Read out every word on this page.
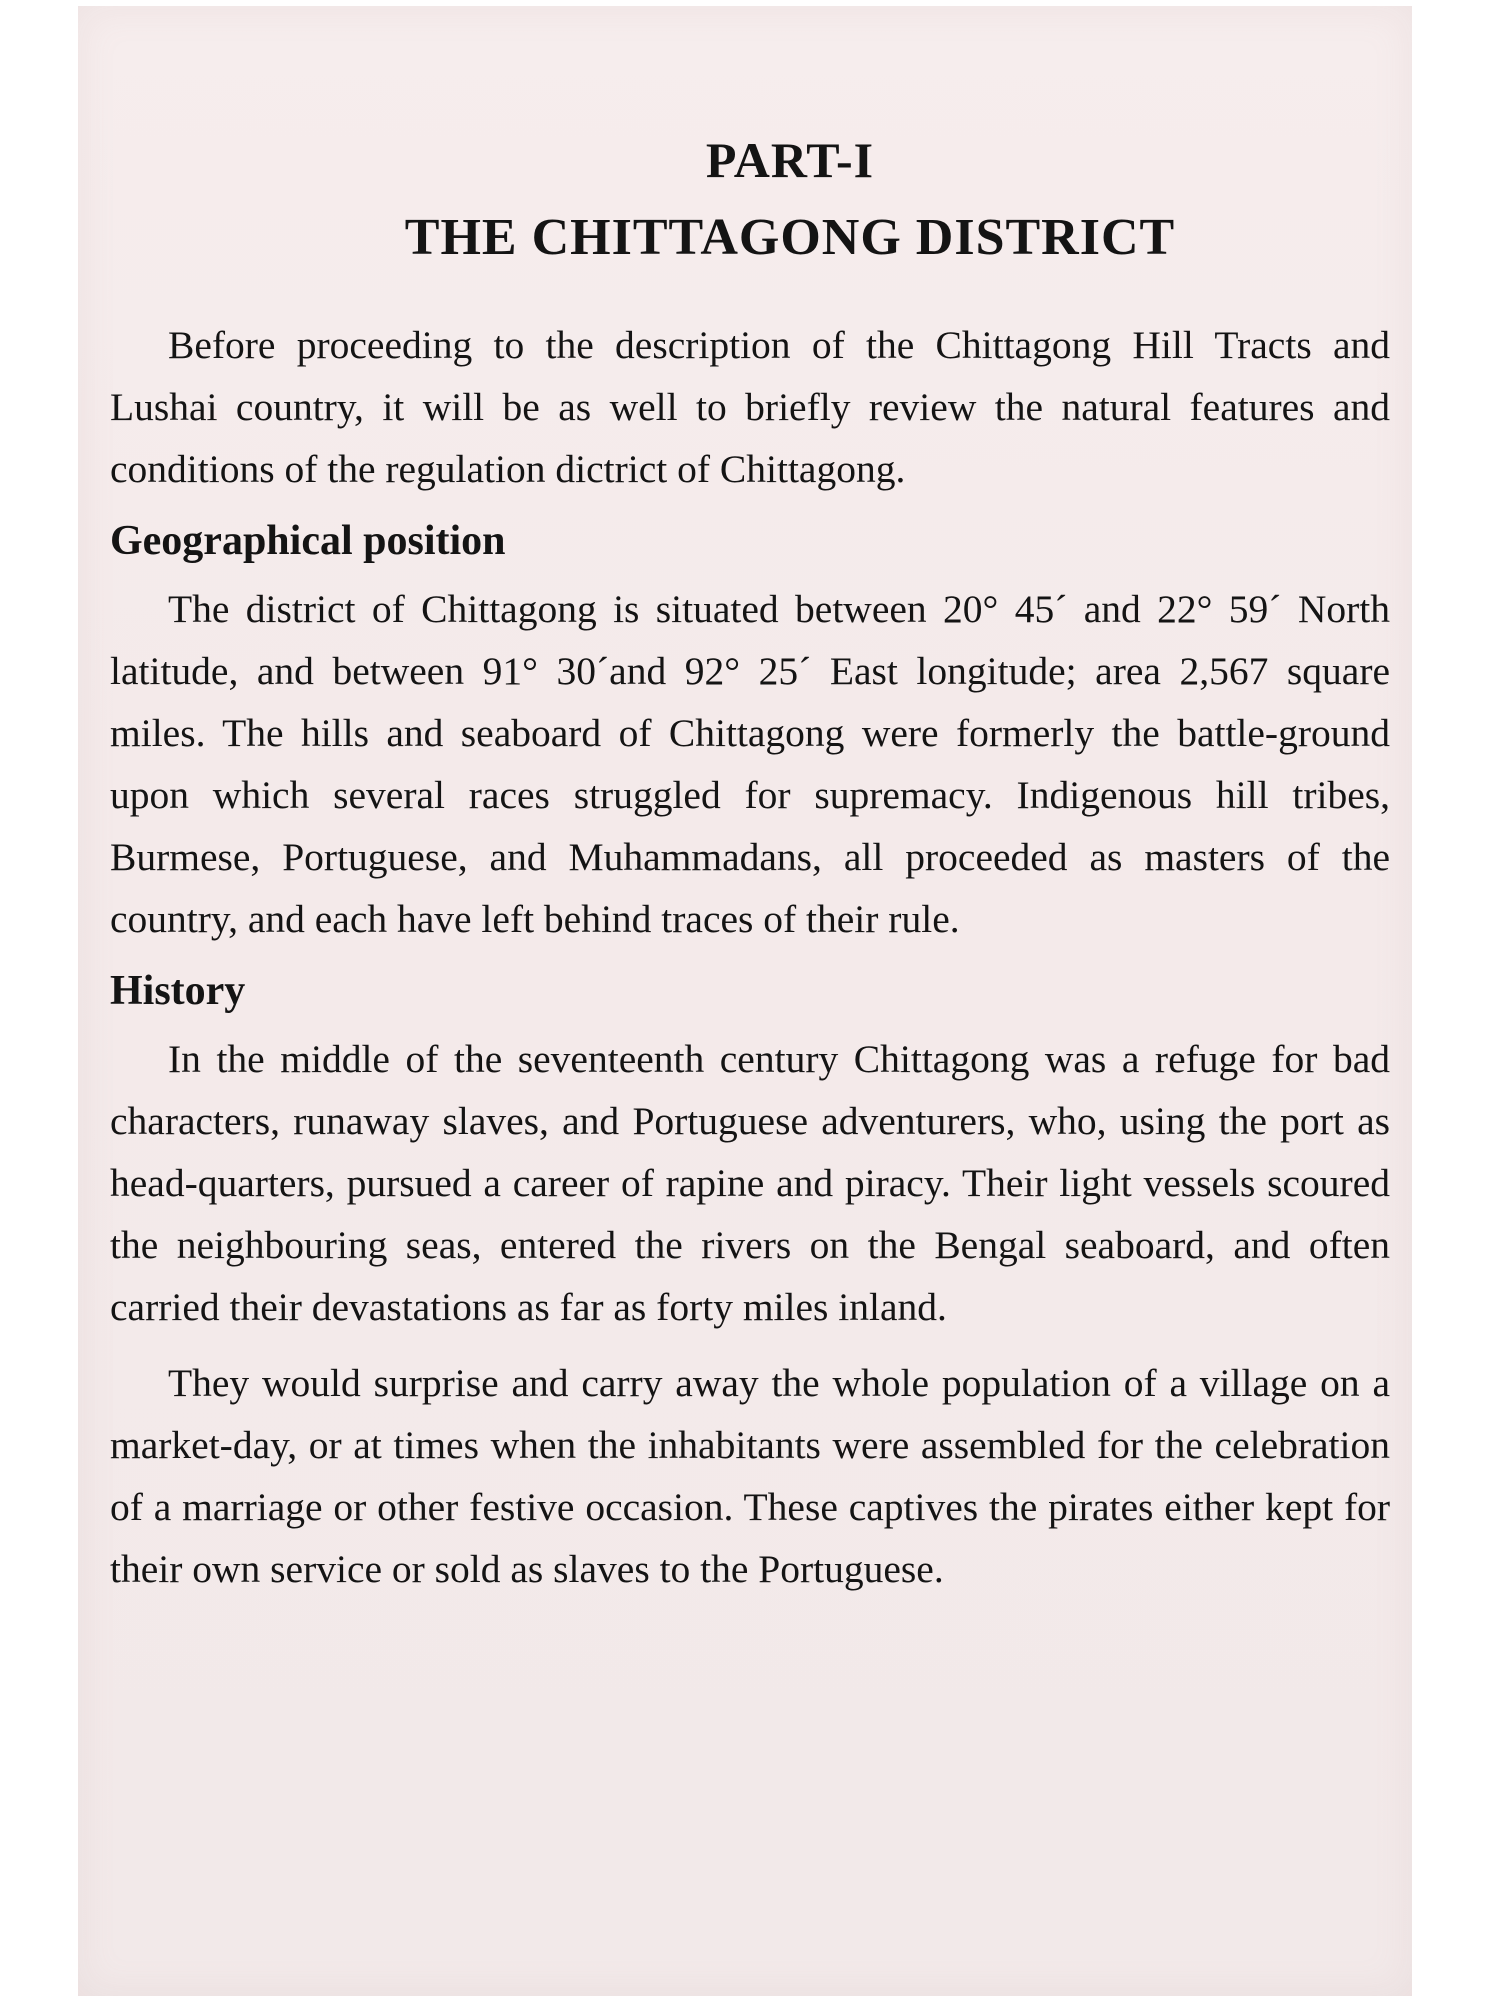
PART-I
THE CHITTAGONG DISTRICT

Before proceeding to the description of the Chittagong Hill Tracts and Lushai country, it will be as well to briefly review the natural features and conditions of the regulation dictrict of Chittagong.

Geographical position

The district of Chittagong is situated between 20° 45´ and 22° 59´ North latitude, and between 91° 30´and 92° 25´ East longitude; area 2,567 square miles. The hills and seaboard of Chittagong were formerly the battle-ground upon which several races struggled for supremacy. Indigenous hill tribes, Burmese, Portuguese, and Muhammadans, all proceeded as masters of the country, and each have left behind traces of their rule.

History

In the middle of the seventeenth century Chittagong was a refuge for bad characters, runaway slaves, and Portuguese adventurers, who, using the port as head-quarters, pursued a career of rapine and piracy. Their light vessels scoured the neighbouring seas, entered the rivers on the Bengal seaboard, and often carried their devastations as far as forty miles inland.

They would surprise and carry away the whole population of a village on a market-day, or at times when the inhabitants were assembled for the celebration of a marriage or other festive occasion. These captives the pirates either kept for their own service or sold as slaves to the Portuguese.
